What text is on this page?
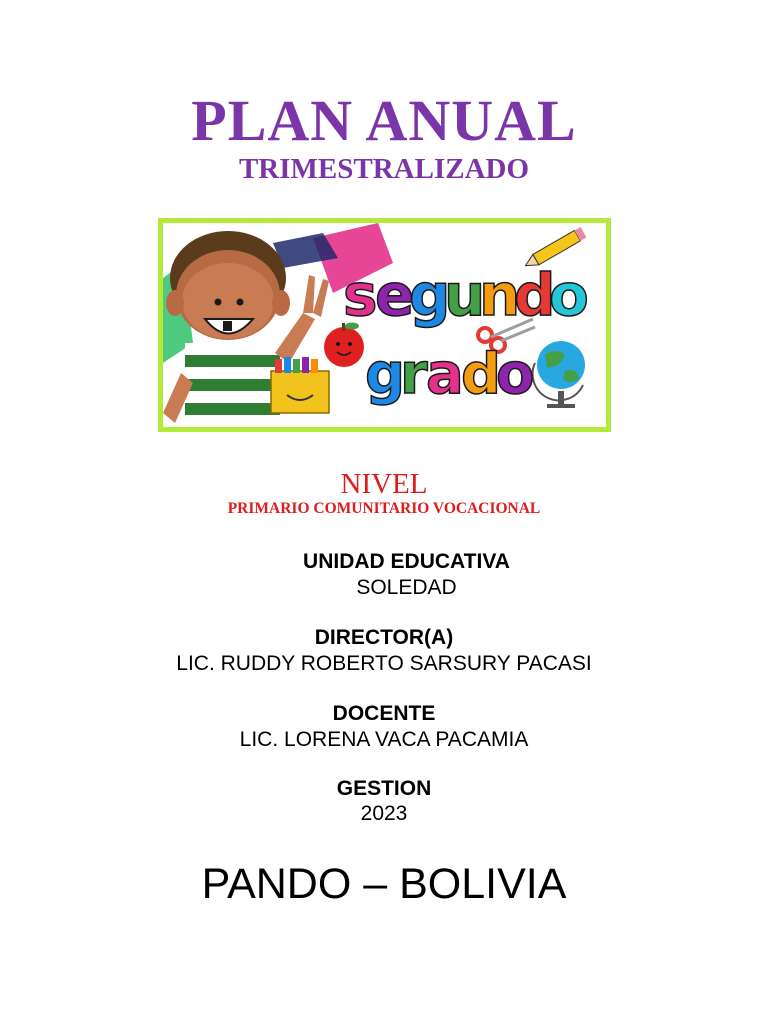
PLAN ANUAL
TRIMESTRALIZADO
s
e
g
u
n
d
o
g
r
a
d
o
NIVEL
PRIMARIO COMUNITARIO VOCACIONAL
UNIDAD EDUCATIVA
SOLEDAD
DIRECTOR(A)
LIC. RUDDY ROBERTO SARSURY PACASI
DOCENTE
LIC. LORENA VACA PACAMIA
GESTION
2023
PANDO – BOLIVIA
